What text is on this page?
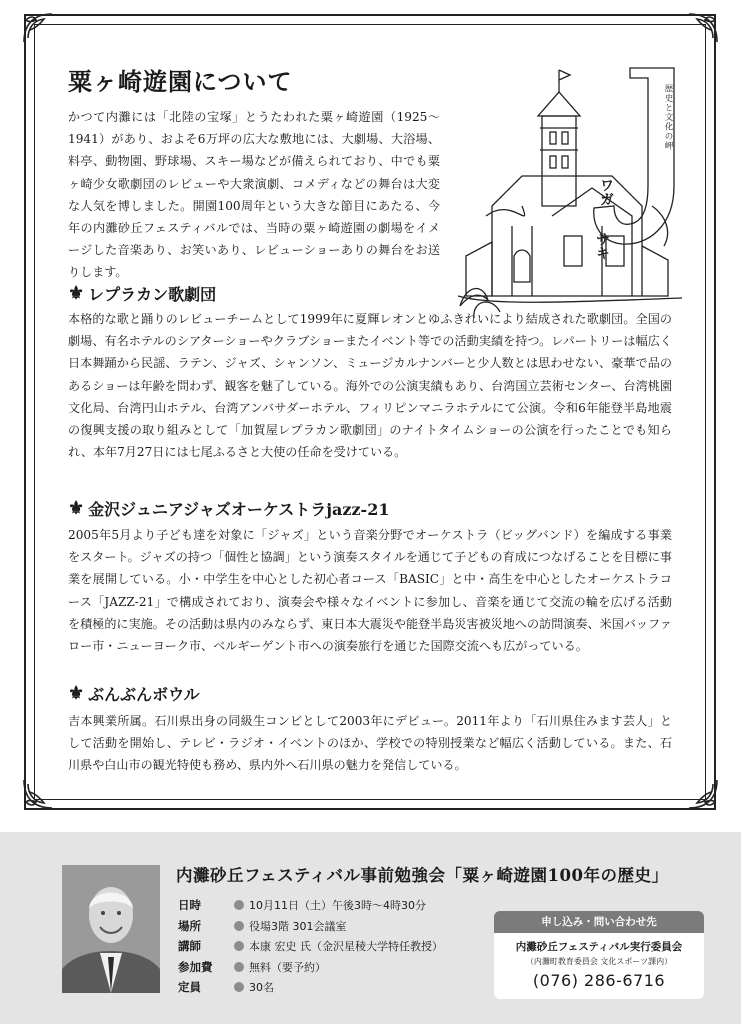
粟ヶ崎遊園について

かつて内灘には「北陸の宝塚」とうたわれた粟ヶ崎遊園（1925～1941）があり、およそ6万坪の広大な敷地には、大劇場、大浴場、料亭、動物園、野球場、スキー場などが備えられており、中でも粟ヶ崎少女歌劇団のレビューや大衆演劇、コメディなどの舞台は大変な人気を博しました。開園100周年という大きな節目にあたる、今年の内灘砂丘フェスティバルでは、当時の粟ヶ崎遊園の劇場をイメージした音楽あり、お笑いあり、レビューショーありの舞台をお送りします。

歴史と文化の岬
ワガ
サキ
⚜ レプラカン歌劇団

本格的な歌と踊りのレビューチームとして1999年に夏輝レオンとゆふきれいにより結成された歌劇団。全国の劇場、有名ホテルのシアターショーやクラブショーまたイベント等での活動実績を持つ。レパートリーは幅広く日本舞踊から民謡、ラテン、ジャズ、シャンソン、ミュージカルナンバーと少人数とは思わせない、豪華で品のあるショーは年齢を問わず、観客を魅了している。海外での公演実績もあり、台湾国立芸術センター、台湾桃園文化局、台湾円山ホテル、台湾アンバサダーホテル、フィリピンマニラホテルにて公演。令和6年能登半島地震の復興支援の取り組みとして「加賀屋レプラカン歌劇団」のナイトタイムショーの公演を行ったことでも知られ、本年7月27日には七尾ふるさと大使の任命を受けている。

⚜ 金沢ジュニアジャズオーケストラjazz-21

2005年5月より子ども達を対象に「ジャズ」という音楽分野でオーケストラ（ビッグバンド）を編成する事業をスタート。ジャズの持つ「個性と協調」という演奏スタイルを通じて子どもの育成につなげることを目標に事業を展開している。小・中学生を中心とした初心者コース「BASIC」と中・高生を中心としたオーケストラコース「JAZZ-21」で構成されており、演奏会や様々なイベントに参加し、音楽を通じて交流の輪を広げる活動を積極的に実施。その活動は県内のみならず、東日本大震災や能登半島災害被災地への訪問演奏、米国バッファロー市・ニューヨーク市、ベルギーゲント市への演奏旅行を通じた国際交流へも広がっている。

⚜ ぶんぶんボウル

吉本興業所属。石川県出身の同級生コンビとして2003年にデビュー。2011年より「石川県住みます芸人」として活動を開始し、テレビ・ラジオ・イベントのほか、学校での特別授業など幅広く活動している。また、石川県や白山市の観光特使も務め、県内外へ石川県の魅力を発信している。

内灘砂丘フェスティバル事前勉強会「粟ヶ崎遊園100年の歴史」
日時	10月11日（土）午後3時～4時30分
場所	役場3階 301会議室
講師	本康 宏史 氏（金沢星稜大学特任教授）
参加費	無料（要予約）
定員	30名
申し込み・問い合わせ先
内灘砂丘フェスティバル実行委員会
（内灘町教育委員会 文化スポーツ課内）
(076) 286-6716
